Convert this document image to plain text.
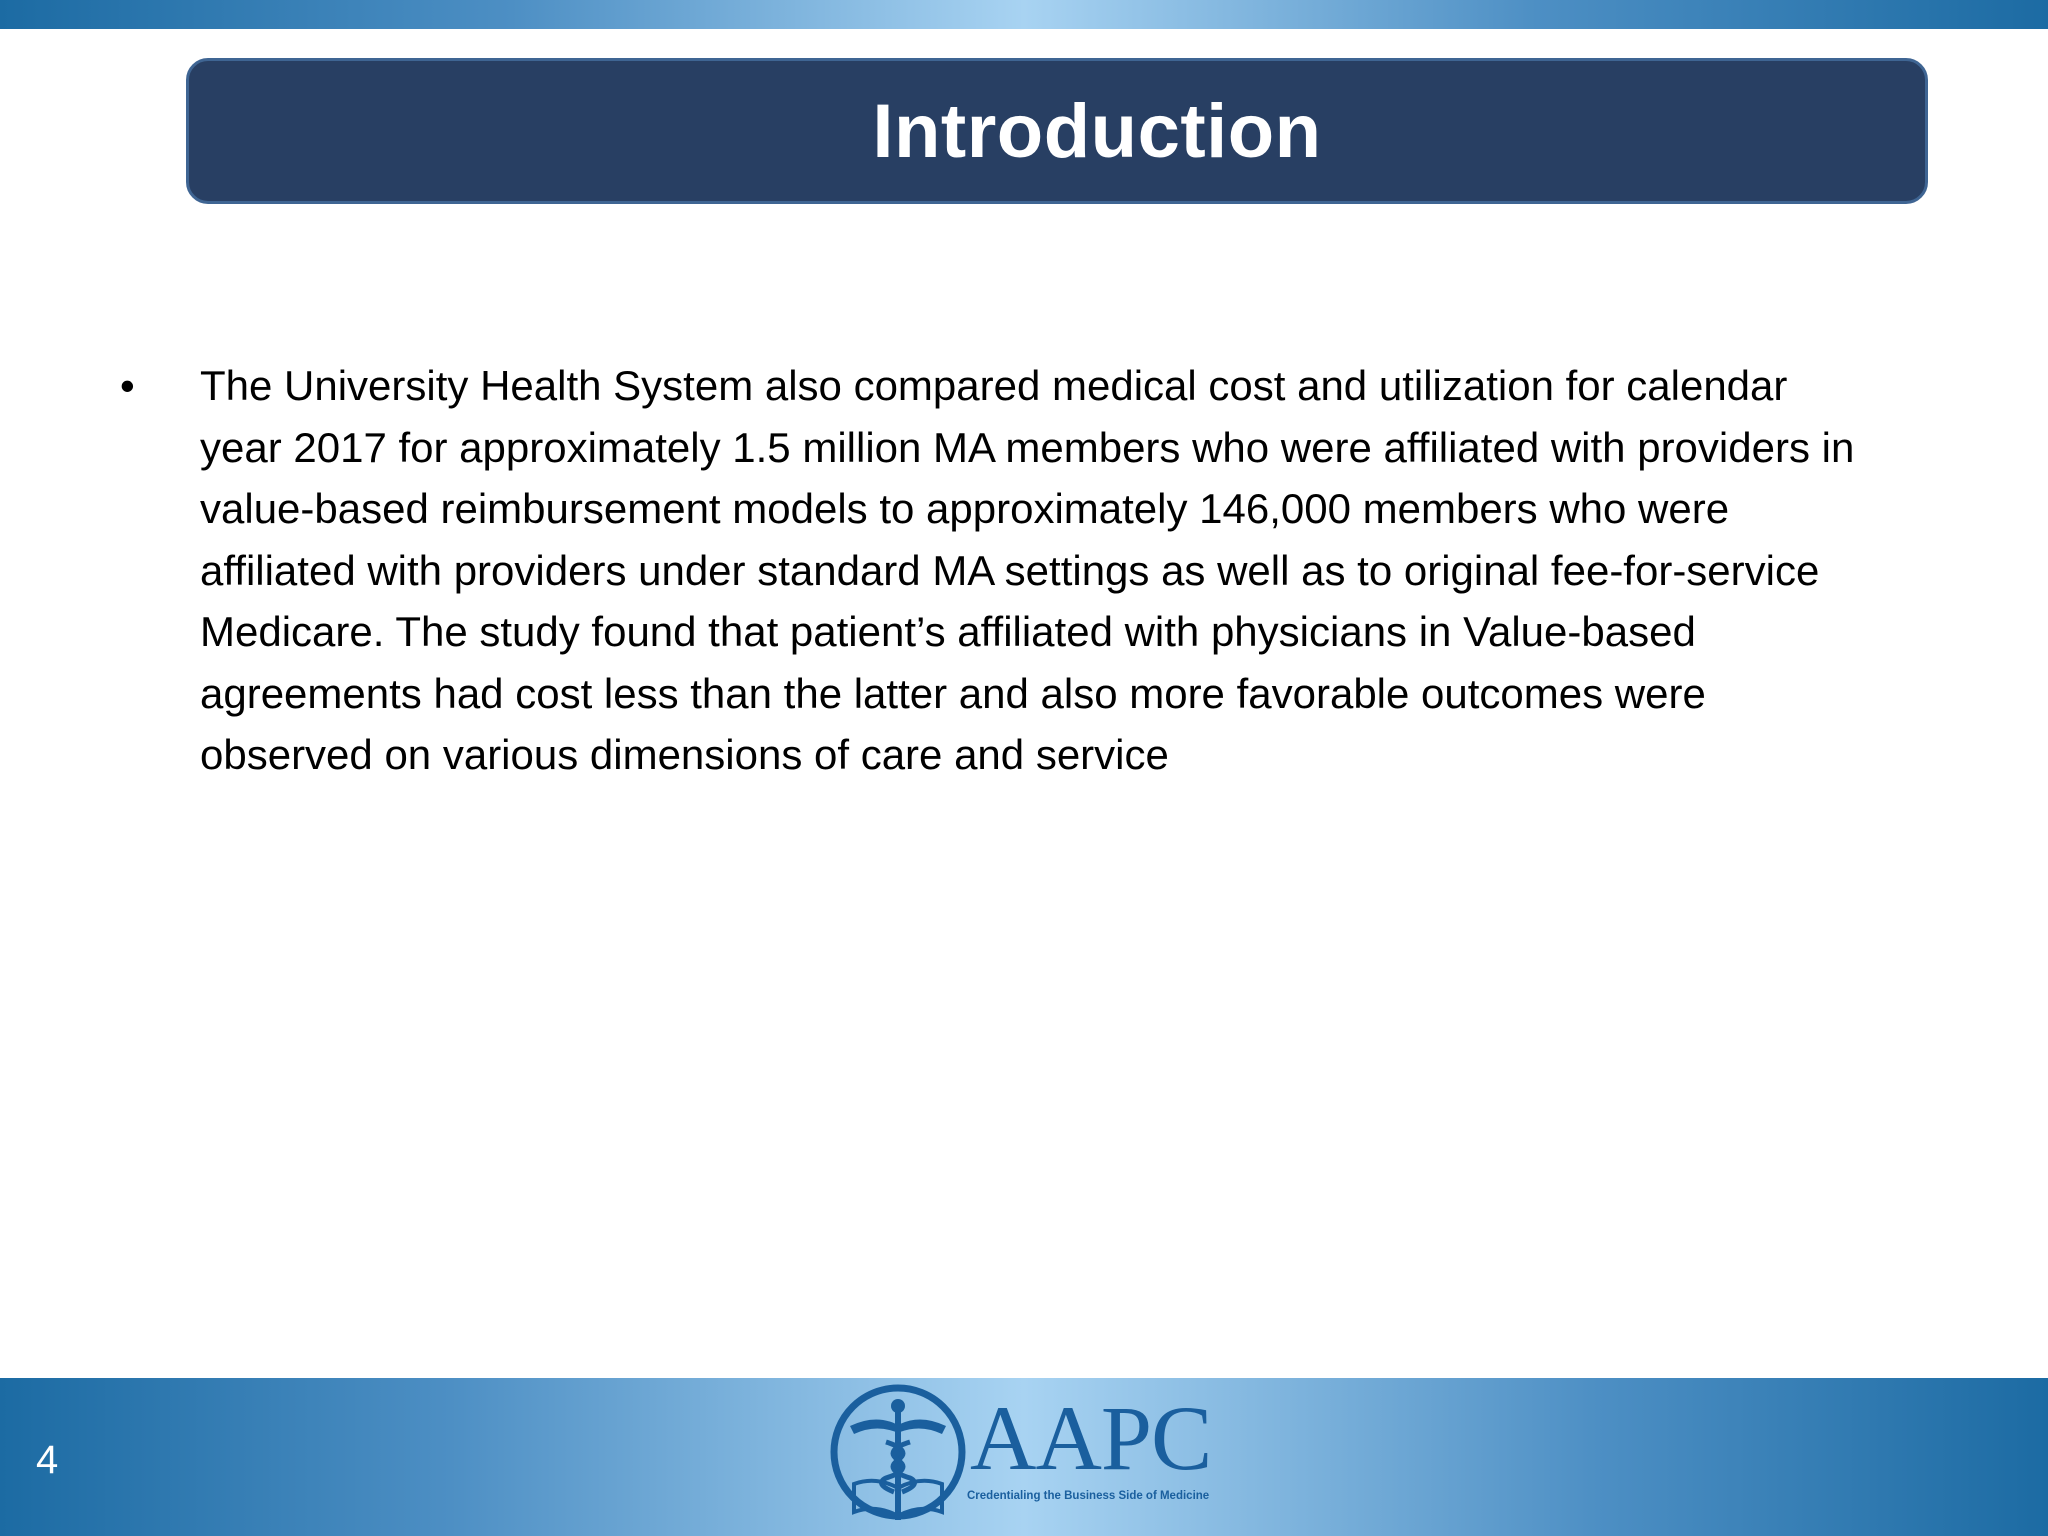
Introduction
• The University Health System also compared medical cost and utilization for calendar year 2017 for approximately 1.5 million MA members who were affiliated with providers in value-based reimbursement models to approximately 146,000 members who were affiliated with providers under standard MA settings as well as to original fee-for-service Medicare. The study found that patient’s affiliated with physicians in Value-based agreements had cost less than the latter and also more favorable outcomes were observed on various dimensions of care and service

4	AAPC
Credentialing the Business Side of Medicine
